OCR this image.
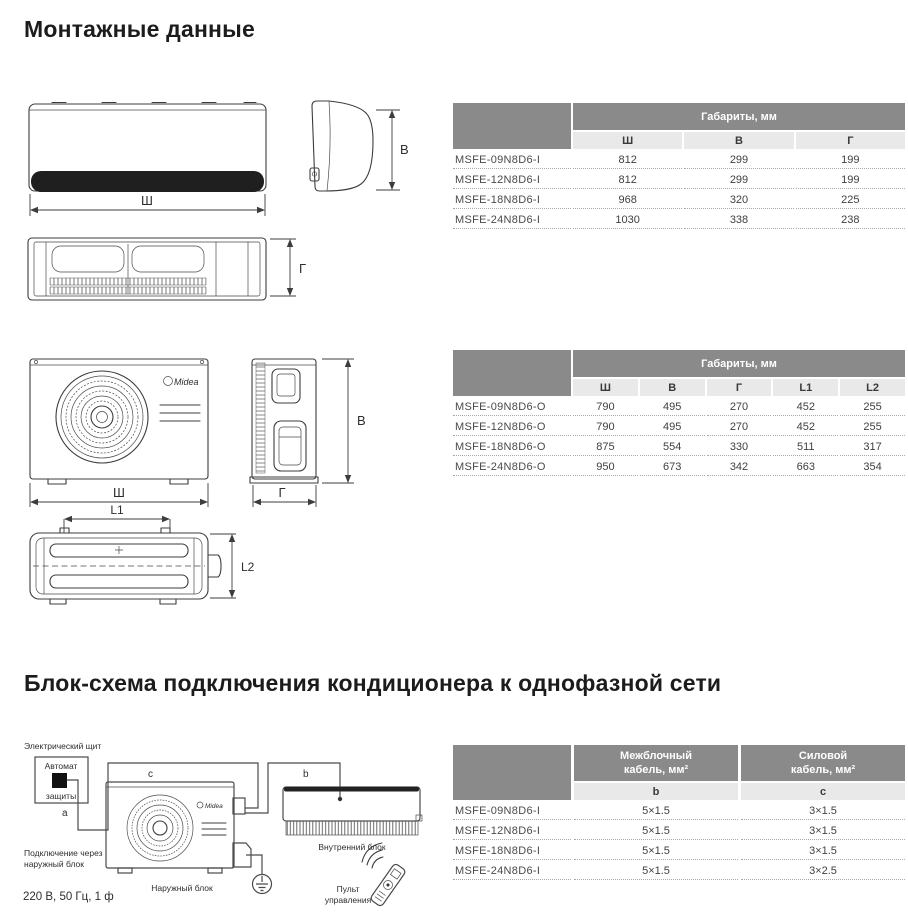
Монтажные данные
Блок-схема подключения кондиционера к однофазной сети
Ш
В
Г
Midea
Ш	Г
В
L1
L2
Габариты, мм
Ш	В	Г
MSFE-09N8D6-I	812	299	199
MSFE-12N8D6-I	812	299	199
MSFE-18N8D6-I	968	320	225
MSFE-24N8D6-I	1030	338	238
Габариты, мм
Ш	В	Г	L1	L2
MSFE-09N8D6-O	790	495	270	452	255
MSFE-12N8D6-O	790	495	270	452	255
MSFE-18N8D6-O	875	554	330	511	317
MSFE-24N8D6-O	950	673	342	663	354
Межблочный
кабель, мм²
Силовой
кабель, мм²
b	c
MSFE-09N8D6-I	5×1.5	3×1.5
MSFE-12N8D6-I	5×1.5	3×1.5
MSFE-18N8D6-I	5×1.5	3×1.5
MSFE-24N8D6-I	5×1.5	3×2.5
Электрический щит
Автомат
защиты
a
c	b
Midea
Наружный блок
Внутренний блок
Пульт
управления
Подключение через
наружный блок
220 В, 50 Гц, 1 ф
